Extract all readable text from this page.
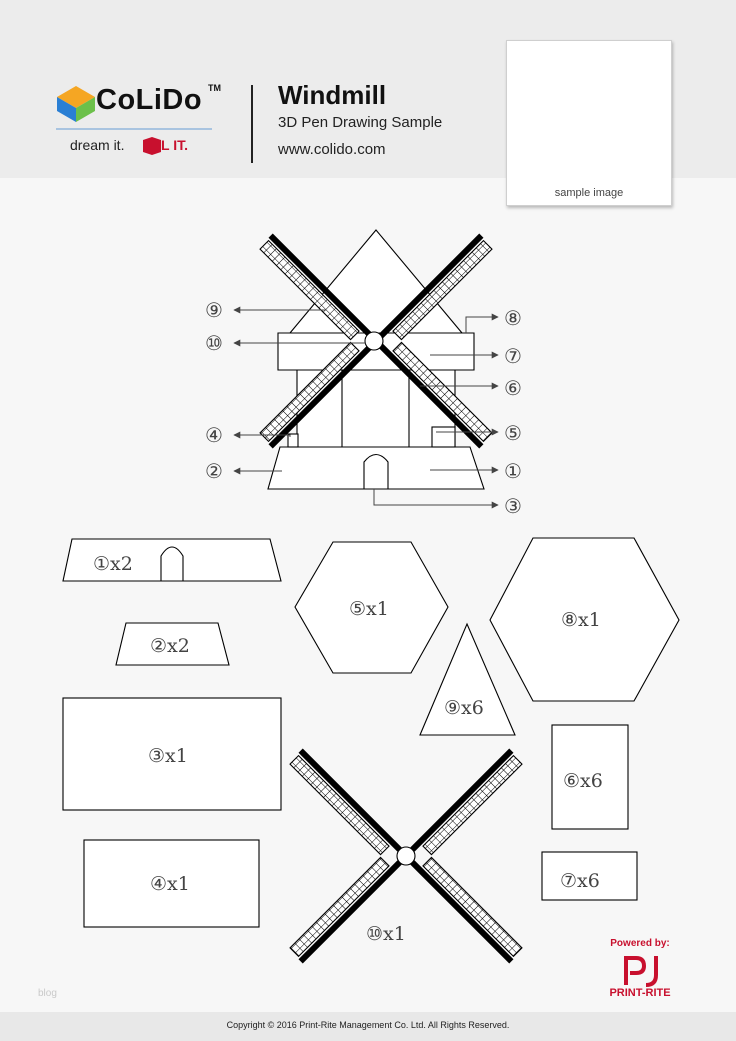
⑨
⑩
④
②
⑧
⑦
⑥
⑤
①
③
①x2
②x2
③x1
④x1
⑤x1
⑥x6
⑦x6
⑧x1
⑨x6
⑩x1
CoLiDo TM
dream it. EEL IT.
Windmill
3D Pen Drawing Sample
www.colido.com
sample image
Powered by:
PRINT-RITE
blog
Copyright © 2016 Print-Rite Management Co. Ltd. All Rights Reserved.
